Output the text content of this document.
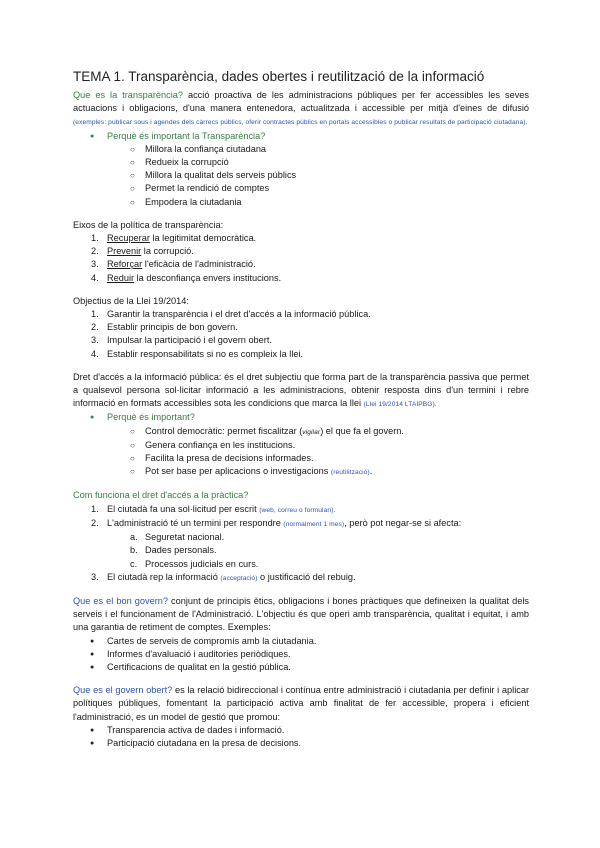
TEMA 1. Transparència, dades obertes i reutilització de la informació

Que es la transparència? acció proactiva de les administracions públiques per fer accessibles les seves actuacions i obligacions, d'una manera entenedora, actualitzada i accessible per mitjà d'eines de difusió (exemples: publicar sous i agendes dels càrrecs públics, oferir contractes públics en portals accessibles o publicar resultats de participació ciutadana).

● Perquè és important la Transparència?
○ Millora la confiança ciutadana
○ Redueix la corrupció
○ Millora la qualitat dels serveis públics
○ Permet la rendició de comptes
○ Empodera la ciutadania

Eixos de la política de transparència:

1. Recuperar la legitimitat democràtica.
2. Prevenir la corrupció.
3. Reforçar l'eficàcia de l'administració.
4. Reduir la desconfiança envers institucions.

Objectius de la Llei 19/2014:

1. Garantir la transparència i el dret d'accés a la informació pública.
2. Establir principis de bon govern.
3. Impulsar la participació i el govern obert.
4. Establir responsabilitats si no es compleix la llei.

Dret d'accés a la informació pública: és el dret subjectiu que forma part de la transparència passiva que permet a qualsevol persona sol·licitar informació a les administracions, obtenir resposta dins d'un termini i rebre informació en formats accessibles sota les condicions que marca la llei (Llei 19/2014 LTAIPBG).

● Perquè és important?
○ Control democràtic: permet fiscalitzar (vigilar) el que fa el govern.
○ Genera confiança en les institucions.
○ Facilita la presa de decisions informades.
○ Pot ser base per aplicacions o investigacions (reutilització).

Com funciona el dret d'accés a la pràctica?

1. El ciutadà fa una sol·licitud per escrit (web, correu o formulari).
2. L'administració té un termini per respondre (normalment 1 mes), però pot negar-se si afecta:
a. Seguretat nacional.
b. Dades personals.
c. Processos judicials en curs.
3. El ciutadà rep la informació (acceptació) o justificació del rebuig.

Que es el bon govern? conjunt de principis ètics, obligacions i bones pràctiques que defineixen la qualitat dels serveis i el funcionament de l'Administració. L'objectiu és que operi amb transparència, qualitat i equitat, i amb una garantia de retiment de comptes. Exemples:

● Cartes de serveis de compromís amb la ciutadania.
● Informes d'avaluació i auditories periòdiques.
● Certificacions de qualitat en la gestió pública.

Que es el govern obert? es la relació bidireccional i contínua entre administració i ciutadania per definir i aplicar polítiques públiques, fomentant la participació activa amb finalitat de fer accessible, propera i eficient l'administració, es un model de gestió que promou:

● Transparencia activa de dades i informació.
● Participació ciutadana en la presa de decisions.
